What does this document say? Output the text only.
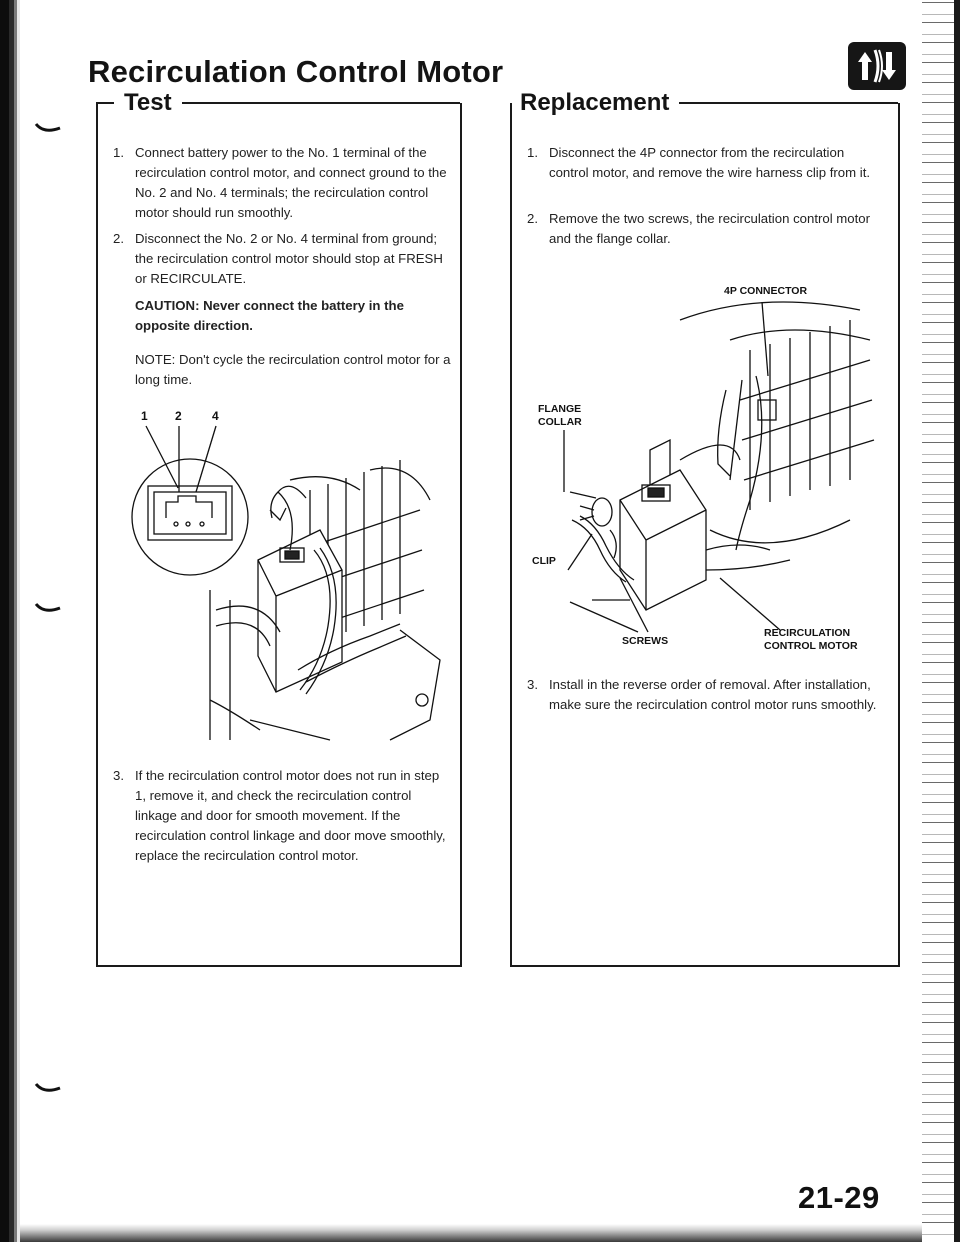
Recirculation Control Motor
Test
1. Connect battery power to the No. 1 terminal of the recirculation control motor, and connect ground to the No. 2 and No. 4 terminals; the recirculation control motor should run smoothly.
2. Disconnect the No. 2 or No. 4 terminal from ground; the recirculation control motor should stop at FRESH or RECIRCULATE.
CAUTION: Never connect the battery in the opposite direction.
NOTE: Don't cycle the recirculation control motor for a long time.
1 2	4
3. If the recirculation control motor does not run in step 1, remove it, and check the recirculation control linkage and door for smooth movement. If the recirculation control linkage and door move smoothly, replace the recirculation control motor.
Replacement
1. Disconnect the 4P connector from the recirculation control motor, and remove the wire harness clip from it.
2. Remove the two screws, the recirculation control motor and the flange collar.
4P CONNECTOR
FLANGE
COLLAR
CLIP
SCREWS
RECIRCULATION
CONTROL MOTOR
3. Install in the reverse order of removal. After installation, make sure the recirculation control motor runs smoothly.
21-29
